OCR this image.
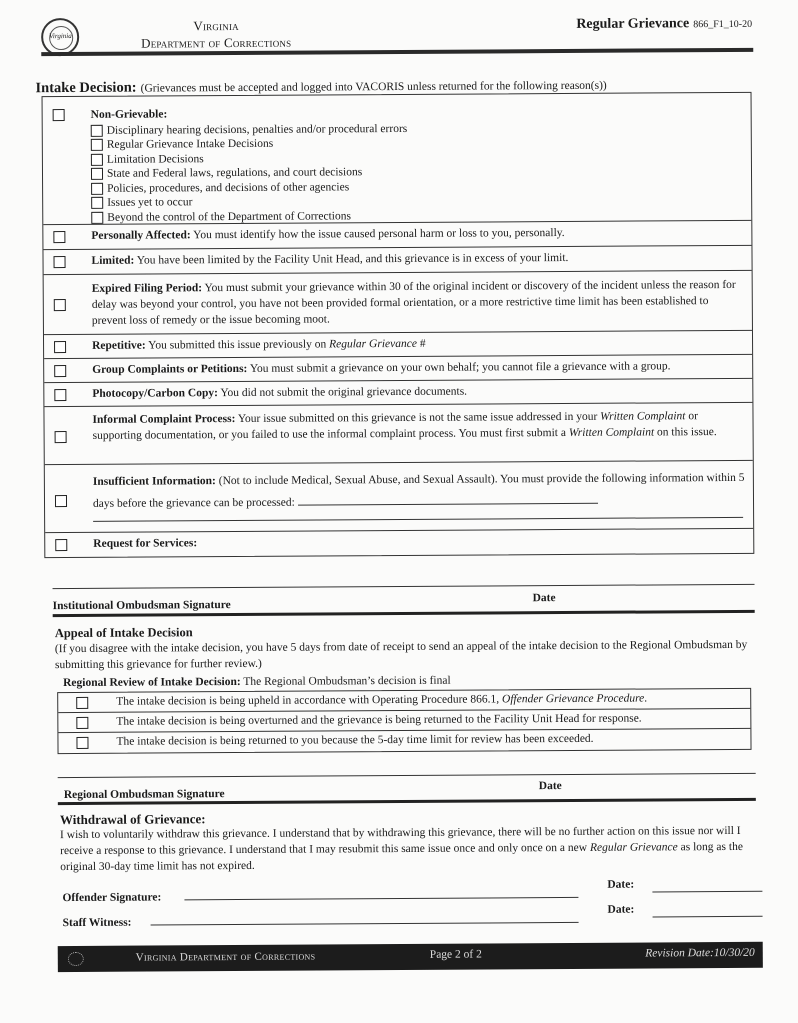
Virginia
Virginia
Department of Corrections
Regular Grievance 866_F1_10-20
Intake Decision: (Grievances must be accepted and logged into VACORIS unless returned for the following reason(s))
Non-Grievable:
Disciplinary hearing decisions, penalties and/or procedural errors
Regular Grievance Intake Decisions
Limitation Decisions
State and Federal laws, regulations, and court decisions
Policies, procedures, and decisions of other agencies
Issues yet to occur
Beyond the control of the Department of Corrections
Personally Affected: You must identify how the issue caused personal harm or loss to you, personally.
Limited: You have been limited by the Facility Unit Head, and this grievance is in excess of your limit.
Expired Filing Period: You must submit your grievance within 30 of the original incident or discovery of the incident unless the reason for delay was beyond your control, you have not been provided formal orientation, or a more restrictive time limit has been established to prevent loss of remedy or the issue becoming moot.
Repetitive: You submitted this issue previously on Regular Grievance #
Group Complaints or Petitions: You must submit a grievance on your own behalf; you cannot file a grievance with a group.
Photocopy/Carbon Copy: You did not submit the original grievance documents.
Informal Complaint Process: Your issue submitted on this grievance is not the same issue addressed in your Written Complaint or supporting documentation, or you failed to use the informal complaint process. You must first submit a Written Complaint on this issue.
Insufficient Information: (Not to include Medical, Sexual Abuse, and Sexual Assault). You must provide the following information within 5 days before the grievance can be processed:
Request for Services:
Institutional Ombudsman Signature
Date
Appeal of Intake Decision
(If you disagree with the intake decision, you have 5 days from date of receipt to send an appeal of the intake decision to the Regional Ombudsman by submitting this grievance for further review.)
Regional Review of Intake Decision: The Regional Ombudsman’s decision is final
The intake decision is being upheld in accordance with Operating Procedure 866.1, Offender Grievance Procedure.
The intake decision is being overturned and the grievance is being returned to the Facility Unit Head for response.
The intake decision is being returned to you because the 5-day time limit for review has been exceeded.
Regional Ombudsman Signature
Date
Withdrawal of Grievance:
I wish to voluntarily withdraw this grievance. I understand that by withdrawing this grievance, there will be no further action on this issue nor will I receive a response to this grievance. I understand that I may resubmit this same issue once and only once on a new Regular Grievance as long as the original 30-day time limit has not expired.
Offender Signature:
Date:
Staff Witness:
Date:
Virginia Department of Corrections	Page 2 of 2	Revision Date:10/30/20
